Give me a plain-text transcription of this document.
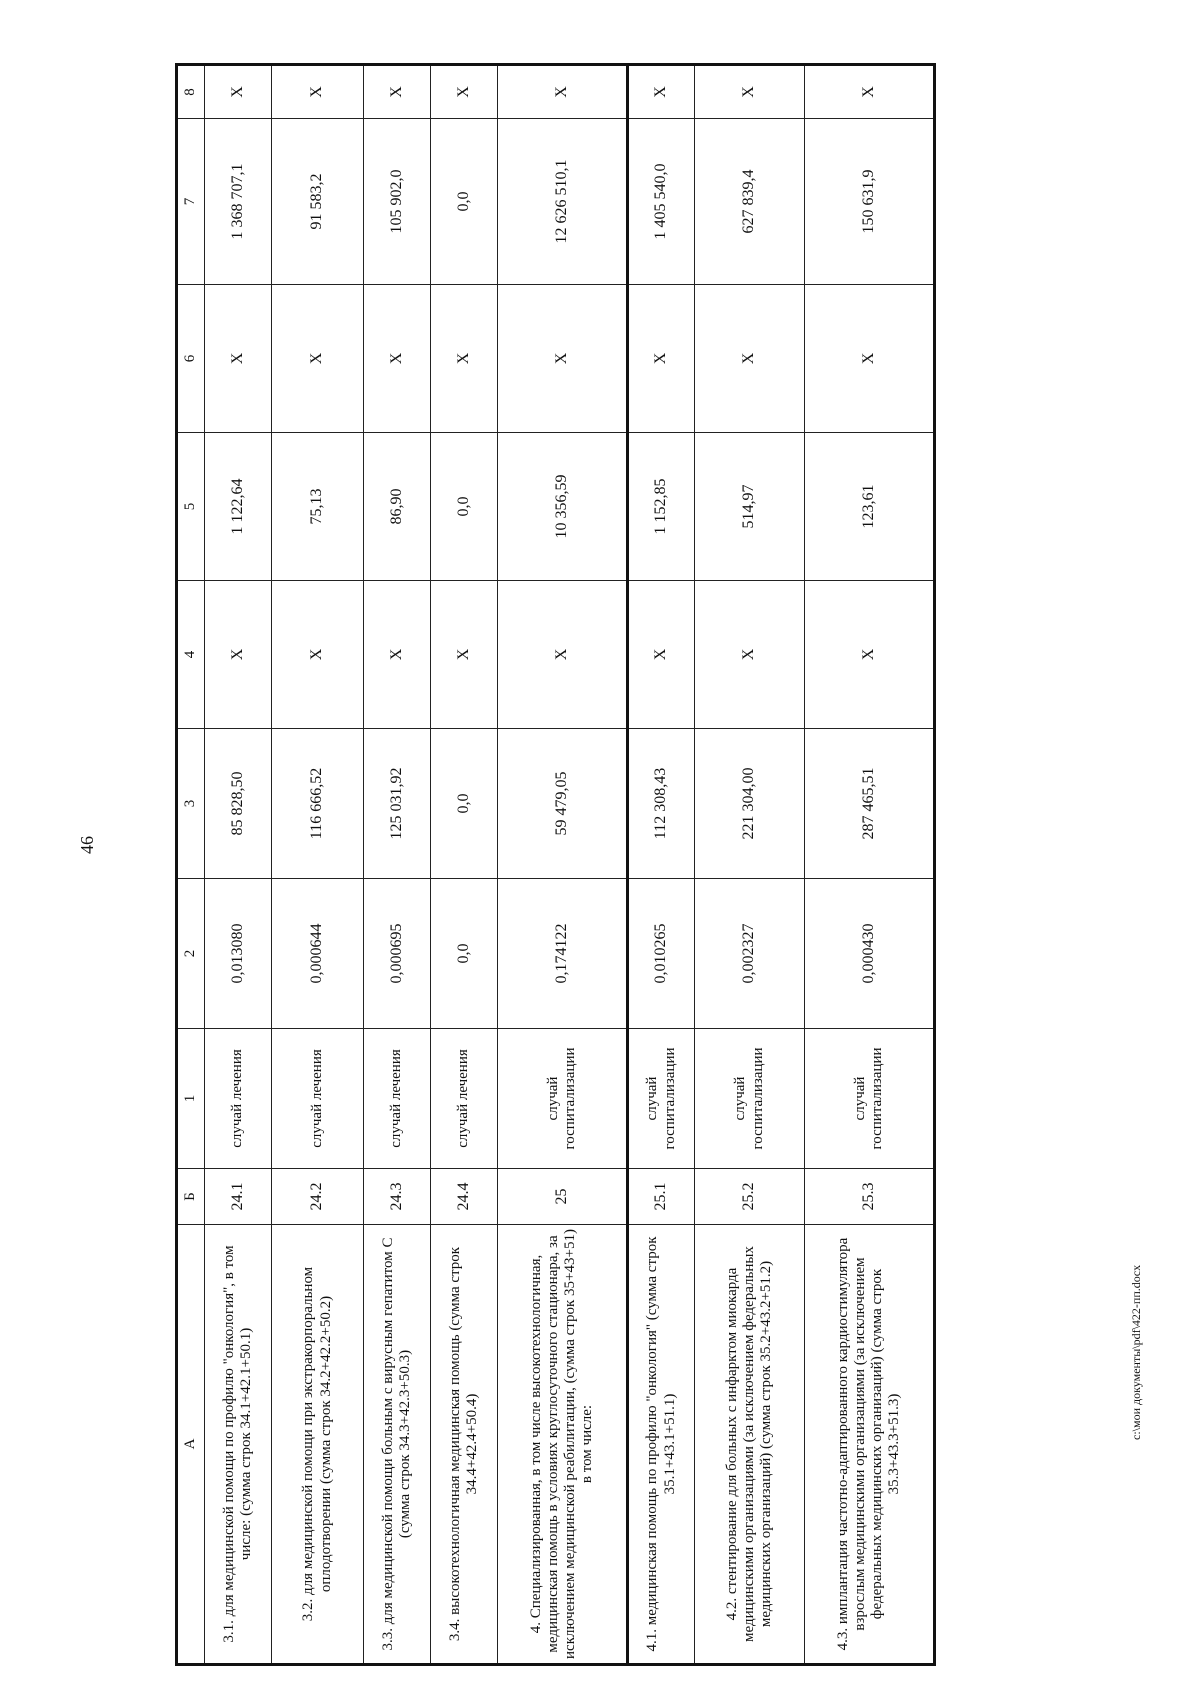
46
А	Б	1	2	3	4	5	6	7	8
3.1. для медицинской помощи по профилю "онкология", в том числе: (сумма строк 34.1+42.1+50.1)	24.1	случай лечения	0,013080	85 828,50	X	1 122,64	X	1 368 707,1	X
3.2. для медицинской помощи при экстракорпоральном оплодотворении (сумма строк 34.2+42.2+50.2)	24.2	случай лечения	0,000644	116 666,52	X	75,13	X	91 583,2	X
3.3. для медицинской помощи больным с вирусным гепатитом С (сумма строк 34.3+42.3+50.3)	24.3	случай лечения	0,000695	125 031,92	X	86,90	X	105 902,0	X
3.4. высокотехнологичная медицинская помощь (сумма строк 34.4+42.4+50.4)	24.4	случай лечения	0,0	0,0	X	0,0	X	0,0	X
4. Специализированная, в том числе высокотехнологичная, медицинская помощь в условиях круглосуточного стационара, за исключением медицинской реабилитации, (сумма строк 35+43+51) в том числе:	25	случай госпитализации	0,174122	59 479,05	X	10 356,59	X	12 626 510,1	X
4.1. медицинская помощь по профилю "онкология" (сумма строк 35.1+43.1+51.1)	25.1	случай госпитализации	0,010265	112 308,43	X	1 152,85	X	1 405 540,0	X
4.2. стентирование для больных с инфарктом миокарда медицинскими организациями (за исключением федеральных медицинских организаций) (сумма строк 35.2+43.2+51.2)	25.2	случай госпитализации	0,002327	221 304,00	X	514,97	X	627 839,4	X
4.3. имплантация частотно-адаптированного кардиостимулятора взрослым медицинскими организациями (за исключением федеральных медицинских организаций) (сумма строк 35.3+43.3+51.3)	25.3	случай госпитализации	0,000430	287 465,51	X	123,61	X	150 631,9	X
c:\мои документы\pdf\422-пп.docx
